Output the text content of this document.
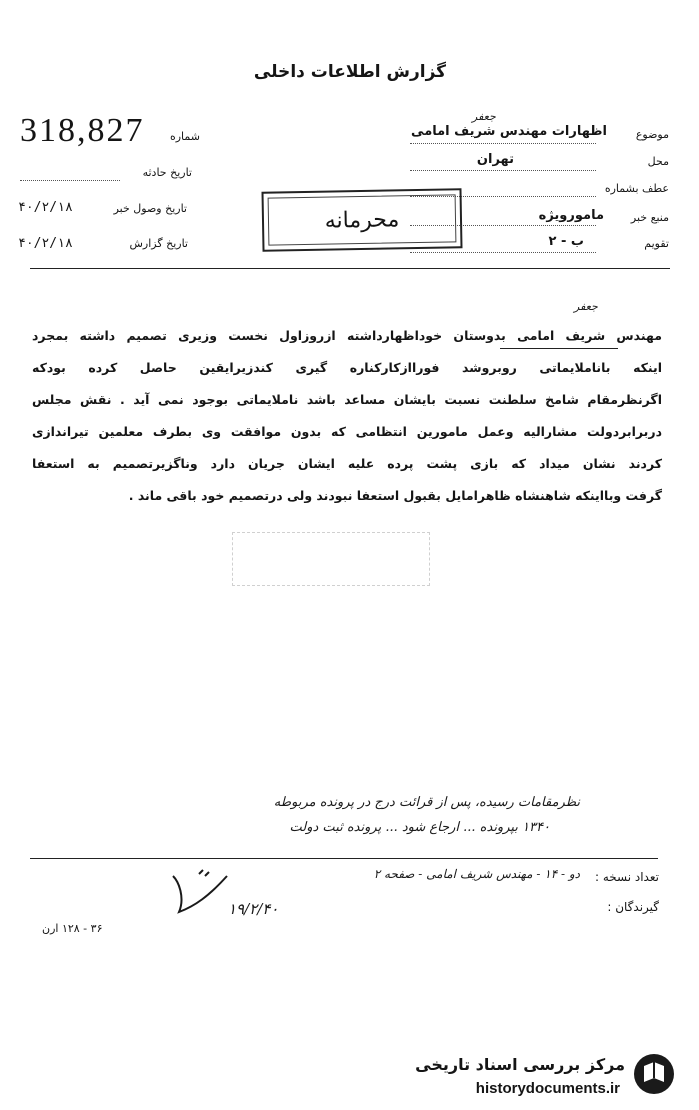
گزارش اطلاعات داخلی
موضوع
اظهارات مهندس شریف امامی
جعفر
محل
تهران
عطف بشماره
منبع خبر
مامورویژه
تقویم
ب - ۲
شماره
318,827
تاریخ حادثه
تاریخ وصول خبر
۴۰/۲/۱۸
تاریخ گزارش
۴۰/۲/۱۸
محرمانه
جعفر

مهندس شریف امامی بدوستان خوداظهارداشته ازروزاول نخست وزیری تصمیم داشته بمجرد

اینکه باناملایماتی روبروشد فوراازکارکناره گیری کندزیرایقین حاصل کرده بودکه

اگرنظرمقام شامخ سلطنت نسبت بایشان مساعد باشد ناملایماتی بوجود نمی آید . نقش مجلس

دربرابردولت مشارالیه وعمل مامورین انتظامی که بدون موافقت وی بطرف معلمین تیراندازی

کردند نشان میداد که بازی پشت پرده علیه ایشان جریان دارد وناگزیرتصمیم به استعفا

گرفت وبااینکه شاهنشاه ظاهرامایل بقبول استعفا نبودند ولی درتصمیم خود باقی ماند .

نظرمقامات رسیده، پس از قرائت درج در پرونده مربوطه
۱۳۴۰ بپرونده ... ارجاع شود ... پرونده ثبت دولت
تعداد نسخه :
دو - ۱۴ - مهندس شریف امامی - صفحه ۲
گیرندگان :
۱۹/۲/۴۰
۳۶ - ۱۲۸ ارن
مرکز بررسی اسناد تاریخی
historydocuments.ir
